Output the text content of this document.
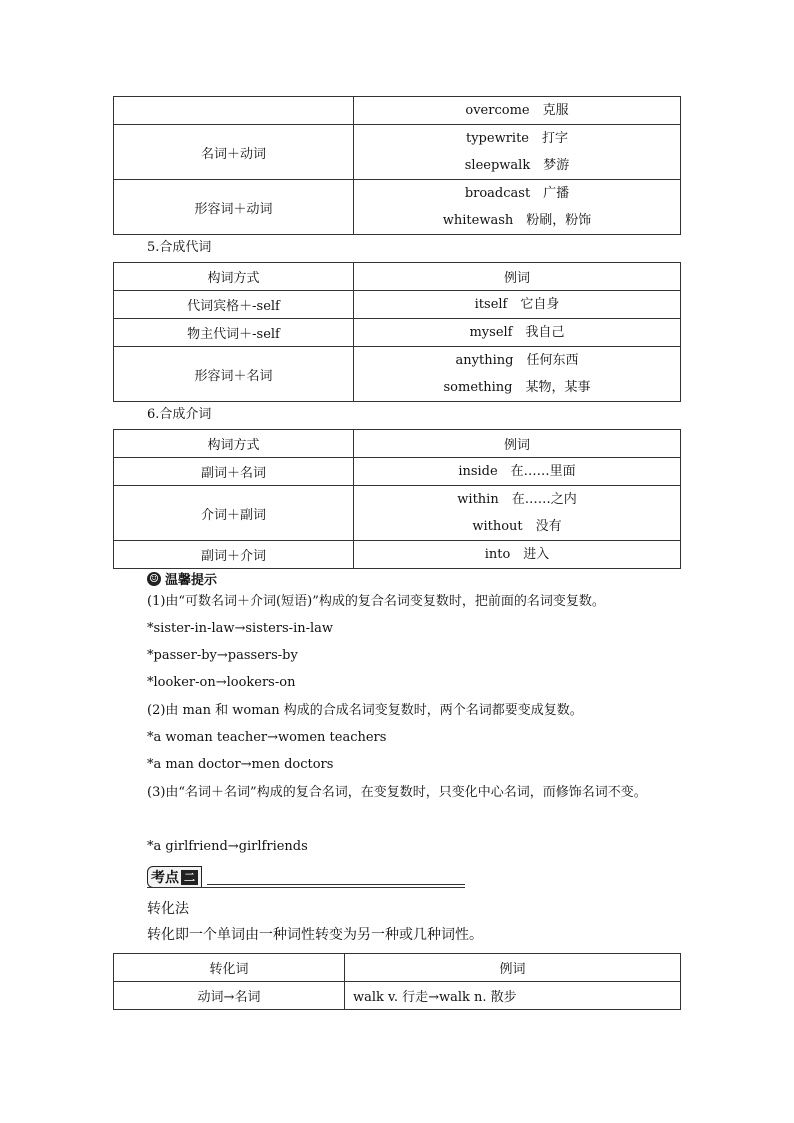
	overcome　克服

名词＋动词	typewrite　打字
sleepwalk　梦游

形容词＋动词	broadcast　广播
whitewash　粉刷，粉饰
5.合成代词
构词方式	例词
代词宾格＋-self	itself　它自身

物主代词＋-self	myself　我自己

形容词＋名词	anything　任何东西
something　某物，某事
6.合成介词
构词方式	例词
副词＋名词	inside　在……里面

介词＋副词	within　在……之内
without　没有

副词＋介词	into　进入
☺ 温馨提示
(1)由“可数名词＋介词(短语)”构成的复合名词变复数时，把前面的名词变复数。
*sister-in-law→sisters-in-law
*passer-by→passers-by
*looker-on→lookers-on
(2)由 man 和 woman 构成的合成名词变复数时，两个名词都要变成复数。
*a woman teacher→women teachers
*a man doctor→men doctors
(3)由“名词＋名词”构成的复合名词，在变复数时，只变化中心名词，而修饰名词不变。
*a girlfriend→girlfriends
考点 二
转化法
转化即一个单词由一种词性转变为另一种或几种词性。
转化词	例词
动词→名词	walk v. 行走→walk n. 散步
